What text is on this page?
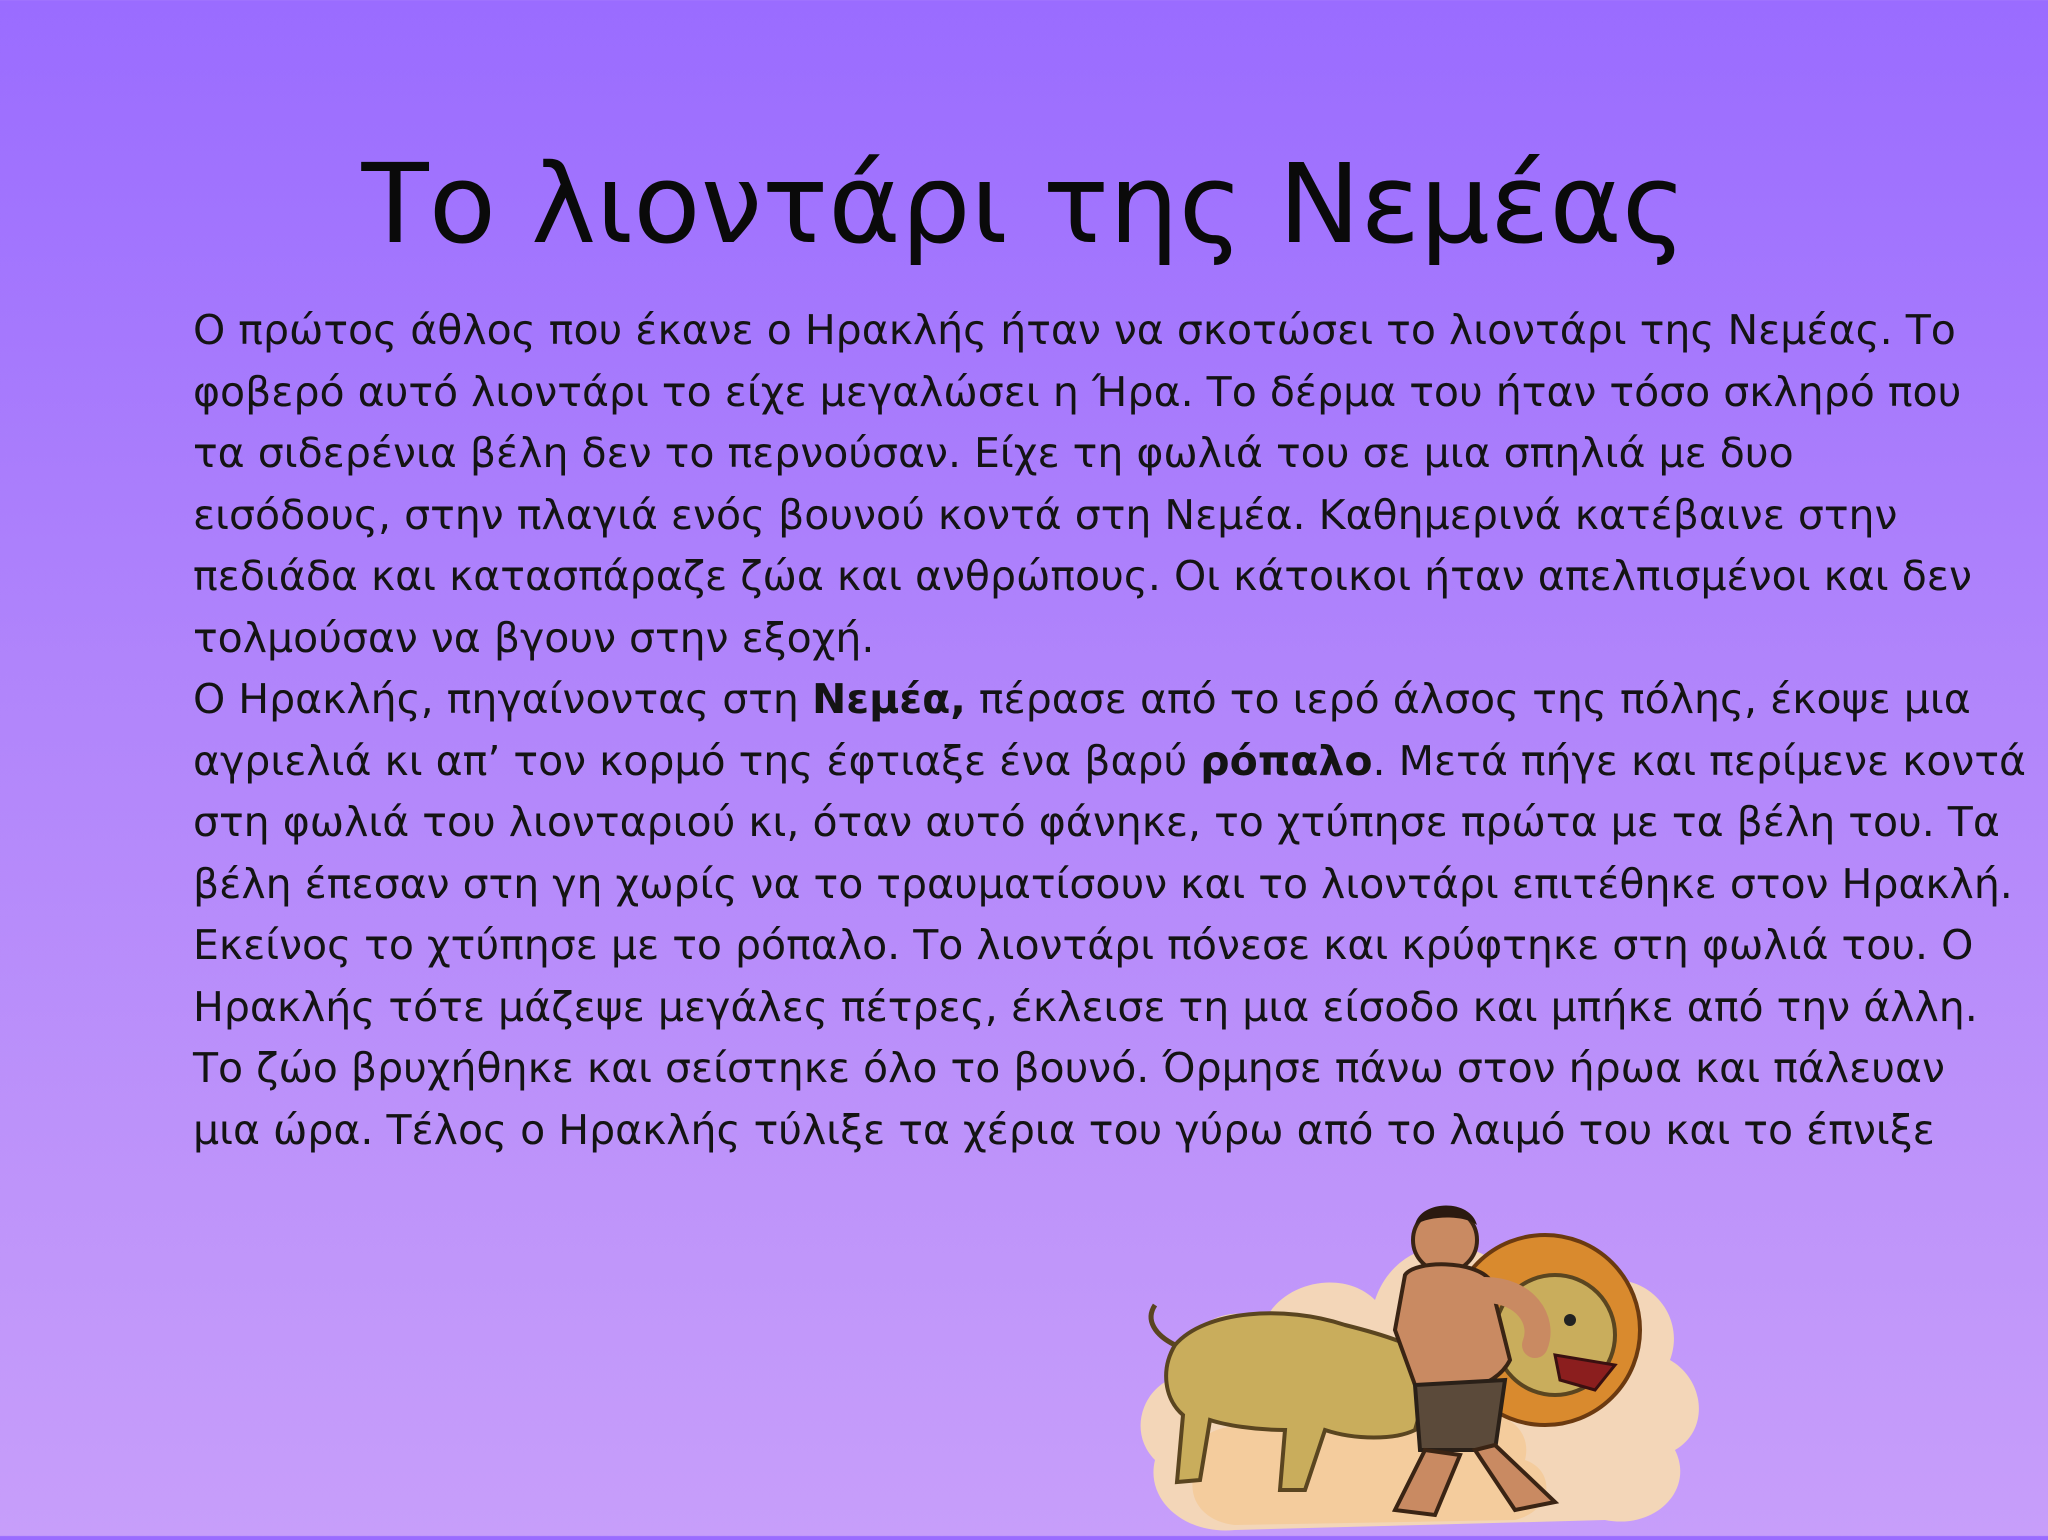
Το λιοντάρι της Νεμέας

Ο πρώτος άθλος που έκανε ο Ηρακλής ήταν να σκοτώσει το λιοντάρι της Νεμέας. Το

φοβερό αυτό λιοντάρι το είχε μεγαλώσει η Ήρα. Το δέρμα του ήταν τόσο σκληρό που

τα σιδερένια βέλη δεν το περνούσαν. Είχε τη φωλιά του σε μια σπηλιά με δυο

εισόδους, στην πλαγιά ενός βουνού κοντά στη Νεμέα. Καθημερινά κατέβαινε στην

πεδιάδα και κατασπάραζε ζώα και ανθρώπους. Οι κάτοικοι ήταν απελπισμένοι και δεν

τολμούσαν να βγουν στην εξοχή.

Ο Ηρακλής, πηγαίνοντας στη Νεμέα, πέρασε από το ιερό άλσος της πόλης, έκοψε μια

αγριελιά κι απ’ τον κορμό της έφτιαξε ένα βαρύ ρόπαλο. Μετά πήγε και περίμενε κοντά

στη φωλιά του λιονταριού κι, όταν αυτό φάνηκε, το χτύπησε πρώτα με τα βέλη του. Τα

βέλη έπεσαν στη γη χωρίς να το τραυματίσουν και το λιοντάρι επιτέθηκε στον Ηρακλή.

Εκείνος το χτύπησε με το ρόπαλο. Το λιοντάρι πόνεσε και κρύφτηκε στη φωλιά του. Ο

Ηρακλής τότε μάζεψε μεγάλες πέτρες, έκλεισε τη μια είσοδο και μπήκε από την άλλη.

Το ζώο βρυχήθηκε και σείστηκε όλο το βουνό. Όρμησε πάνω στον ήρωα και πάλευαν

μια ώρα. Τέλος ο Ηρακλής τύλιξε τα χέρια του γύρω από το λαιμό του και το έπνιξε
